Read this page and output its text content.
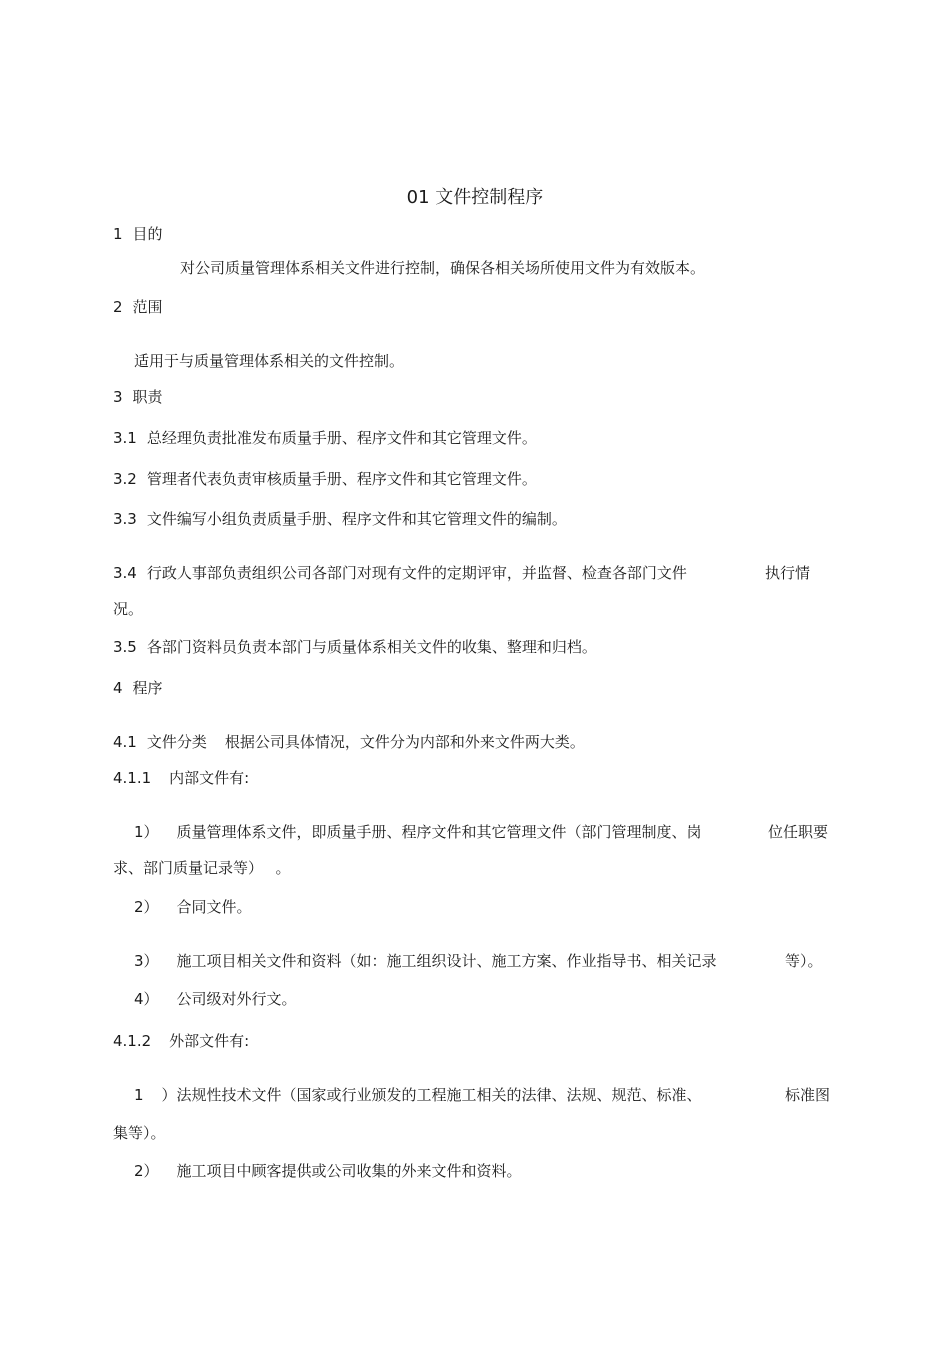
01 文件控制程序
1 目的
对公司质量管理体系相关文件进行控制，确保各相关场所使用文件为有效版本。
2 范围
适用于与质量管理体系相关的文件控制。
3 职责
3.1 总经理负责批准发布质量手册、程序文件和其它管理文件。
3.2 管理者代表负责审核质量手册、程序文件和其它管理文件。
3.3 文件编写小组负责质量手册、程序文件和其它管理文件的编制。
3.4 行政人事部负责组织公司各部门对现有文件的定期评审，并监督、检查各部门文件	执行情
况。
3.5 各部门资料员负责本部门与质量体系相关文件的收集、整理和归档。
4 程序
4.1 文件分类 根据公司具体情况，文件分为内部和外来文件两大类。
4.1.1 内部文件有:
1） 质量管理体系文件，即质量手册、程序文件和其它管理文件（部门管理制度、岗	位任职要
求、部门质量记录等） 。
2） 合同文件。
3） 施工项目相关文件和资料（如：施工组织设计、施工方案、作业指导书、相关记录	等）。
4） 公司级对外行文。
4.1.2 外部文件有:
1 ）法规性技术文件（国家或行业颁发的工程施工相关的法律、法规、规范、标准、	标准图
集等）。
2） 施工项目中顾客提供或公司收集的外来文件和资料。
